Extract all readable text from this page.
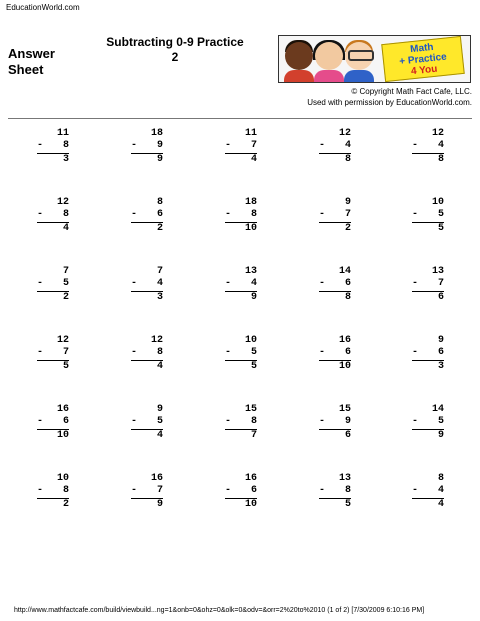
EducationWorld.com
Answer
Sheet
Subtracting 0-9 Practice
2
Math
+ Practice
4 You
© Copyright Math Fact Cafe, LLC.
Used with permission by EducationWorld.com.
11
- 8
3
18
- 9
9
11
- 7
4
12
- 4
8
12
- 4
8
12
- 8
4
8
- 6
2
18
- 8
10
9
- 7
2
10
- 5
5
7
- 5
2
7
- 4
3
13
- 4
9
14
- 6
8
13
- 7
6
12
- 7
5
12
- 8
4
10
- 5
5
16
- 6
10
9
- 6
3
16
- 6
10
9
- 5
4
15
- 8
7
15
- 9
6
14
- 5
9
10
- 8
2
16
- 7
9
16
- 6
10
13
- 8
5
8
- 4
4
http://www.mathfactcafe.com/build/viewbuild...ng=1&onb=0&ohz=0&olk=0&odv=&orr=2%20to%2010 (1 of 2) [7/30/2009 6:10:16 PM]
